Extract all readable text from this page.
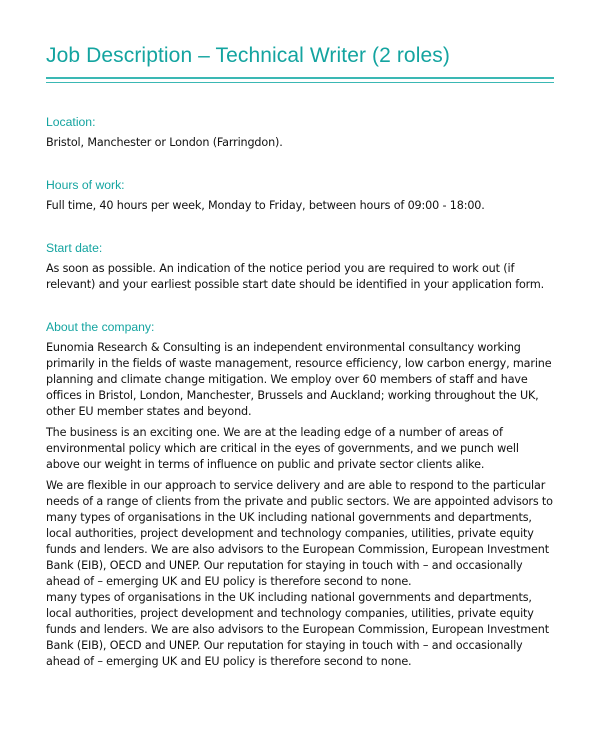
Job Description – Technical Writer (2 roles)
Location:

Bristol, Manchester or London (Farringdon).

Hours of work:

Full time, 40 hours per week, Monday to Friday, between hours of 09:00 - 18:00.

Start date:

As soon as possible. An indication of the notice period you are required to work out (if
relevant) and your earliest possible start date should be identified in your application form.

About the company:

Eunomia Research & Consulting is an independent environmental consultancy working
primarily in the fields of waste management, resource efficiency, low carbon energy, marine
planning and climate change mitigation. We employ over 60 members of staff and have
offices in Bristol, London, Manchester, Brussels and Auckland; working throughout the UK,
other EU member states and beyond.

The business is an exciting one. We are at the leading edge of a number of areas of
environmental policy which are critical in the eyes of governments, and we punch well
above our weight in terms of influence on public and private sector clients alike.

We are flexible in our approach to service delivery and are able to respond to the particular
needs of a range of clients from the private and public sectors. We are appointed advisors to
many types of organisations in the UK including national governments and departments,
local authorities, project development and technology companies, utilities, private equity
funds and lenders. We are also advisors to the European Commission, European Investment
Bank (EIB), OECD and UNEP. Our reputation for staying in touch with – and occasionally
ahead of – emerging UK and EU policy is therefore second to none.
many types of organisations in the UK including national governments and departments,
local authorities, project development and technology companies, utilities, private equity
funds and lenders. We are also advisors to the European Commission, European Investment
Bank (EIB), OECD and UNEP. Our reputation for staying in touch with – and occasionally
ahead of – emerging UK and EU policy is therefore second to none.
